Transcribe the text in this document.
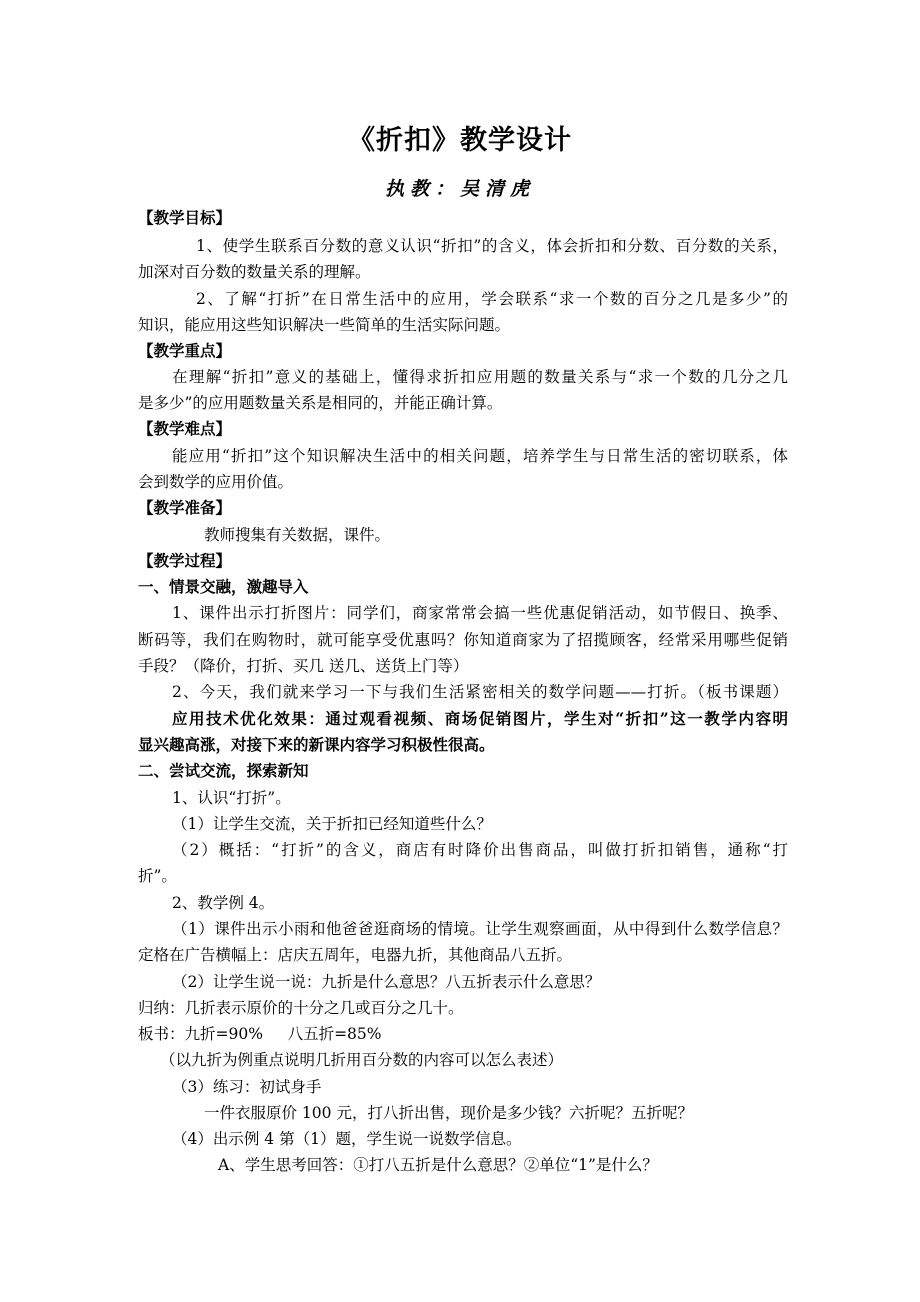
《折扣》教学设计
执教：吴清虎
【教学目标】
1、使学生联系百分数的意义认识“折扣”的含义，体会折扣和分数、百分数的关系，
加深对百分数的数量关系的理解。
2、了解“打折”在日常生活中的应用，学会联系“求一个数的百分之几是多少”的
知识，能应用这些知识解决一些简单的生活实际问题。
【教学重点】
在理解“折扣”意义的基础上，懂得求折扣应用题的数量关系与“求一个数的几分之几
是多少”的应用题数量关系是相同的，并能正确计算。
【教学难点】
能应用“折扣”这个知识解决生活中的相关问题，培养学生与日常生活的密切联系，体
会到数学的应用价值。
【教学准备】
教师搜集有关数据，课件。
【教学过程】
一、情景交融，激趣导入
1、课件出示打折图片：同学们，商家常常会搞一些优惠促销活动，如节假日、换季、
断码等，我们在购物时，就可能享受优惠吗？你知道商家为了招揽顾客，经常采用哪些促销
手段？（降价，打折、买几 送几、送货上门等）
2、今天，我们就来学习一下与我们生活紧密相关的数学问题——打折。（板书课题）
应用技术优化效果：通过观看视频、商场促销图片，学生对“折扣”这一教学内容明
显兴趣高涨，对接下来的新课内容学习积极性很高。
二、尝试交流，探索新知
1、认识“打折”。
（1）让学生交流，关于折扣已经知道些什么？
（2）概括：“打折”的含义，商店有时降价出售商品，叫做打折扣销售，通称“打
折”。
2、教学例 4。
（1）课件出示小雨和他爸爸逛商场的情境。让学生观察画面，从中得到什么数学信息？
定格在广告横幅上：店庆五周年，电器九折，其他商品八五折。
（2）让学生说一说：九折是什么意思？八五折表示什么意思？
归纳：几折表示原价的十分之几或百分之几十。
板书：九折=90%     八五折=85%
（以九折为例重点说明几折用百分数的内容可以怎么表述）
（3）练习：初试身手
一件衣服原价 100 元，打八折出售，现价是多少钱？六折呢？五折呢？
（4）出示例 4 第（1）题，学生说一说数学信息。
A、学生思考回答：①打八五折是什么意思？②单位“1”是什么？
